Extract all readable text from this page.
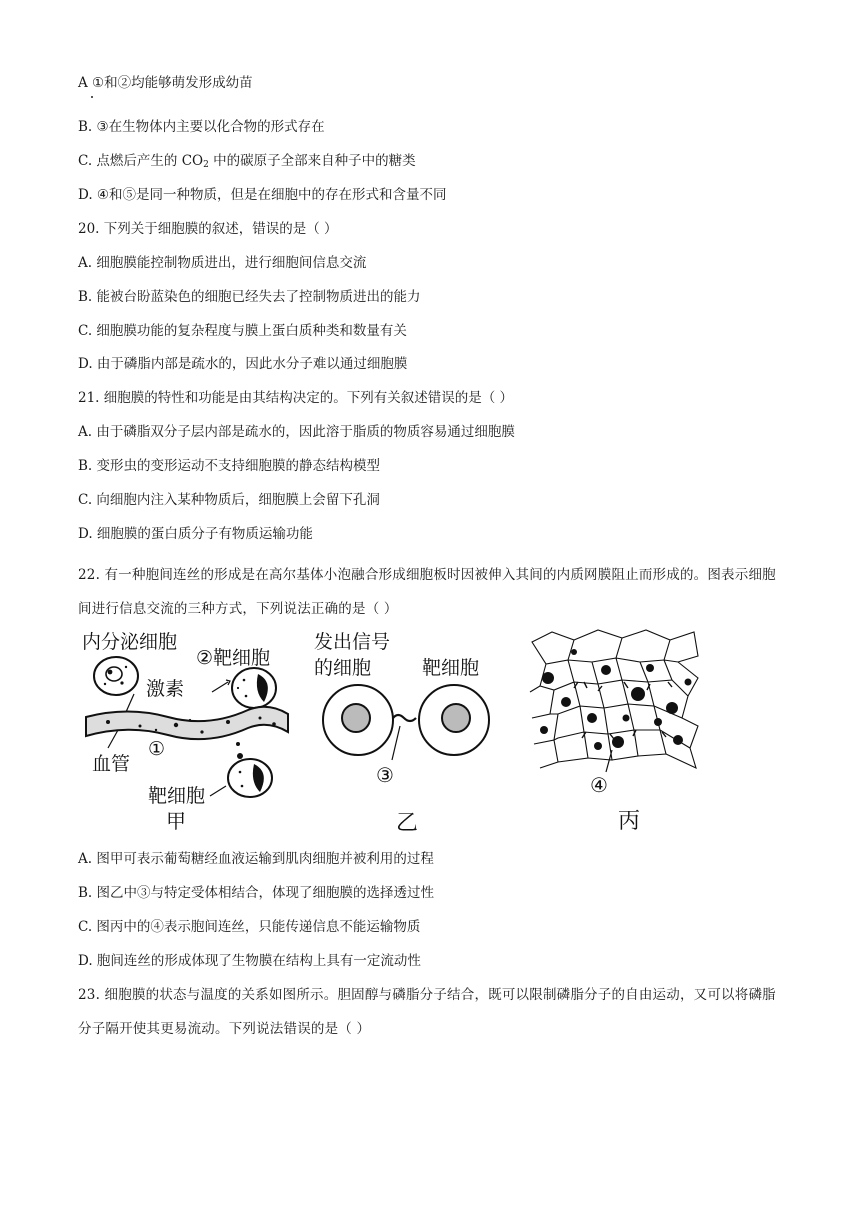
A ①和②均能够萌发形成幼苗
B. ③在生物体内主要以化合物的形式存在
C. 点燃后产生的 $CO_2$ 中的碳原子全部来自种子中的糖类
D. ④和⑤是同一种物质，但是在细胞中的存在形式和含量不同
20. 下列关于细胞膜的叙述，错误的是（ ）
A. 细胞膜能控制物质进出，进行细胞间信息交流
B. 能被台盼蓝染色的细胞已经失去了控制物质进出的能力
C. 细胞膜功能的复杂程度与膜上蛋白质种类和数量有关
D. 由于磷脂内部是疏水的，因此水分子难以通过细胞膜
21. 细胞膜的特性和功能是由其结构决定的。下列有关叙述错误的是（ ）
A. 由于磷脂双分子层内部是疏水的，因此溶于脂质的物质容易通过细胞膜
B. 变形虫的变形运动不支持细胞膜的静态结构模型
C. 向细胞内注入某种物质后，细胞膜上会留下孔洞
D. 细胞膜的蛋白质分子有物质运输功能
22. 有一种胞间连丝的形成是在高尔基体小泡融合形成细胞板时因被伸入其间的内质网膜阻止而形成的。图表示细胞间进行信息交流的三种方式，下列说法正确的是（ ）
内分泌细胞
激素
②靶细胞
①
血管
靶细胞
甲
发出信号
的细胞	靶细胞
③
乙
④
丙
A. 图甲可表示葡萄糖经血液运输到肌肉细胞并被利用的过程
B. 图乙中③与特定受体相结合，体现了细胞膜的选择透过性
C. 图丙中的④表示胞间连丝，只能传递信息不能运输物质
D. 胞间连丝的形成体现了生物膜在结构上具有一定流动性
23. 细胞膜的状态与温度的关系如图所示。胆固醇与磷脂分子结合，既可以限制磷脂分子的自由运动，又可以将磷脂分子隔开使其更易流动。下列说法错误的是（ ）
